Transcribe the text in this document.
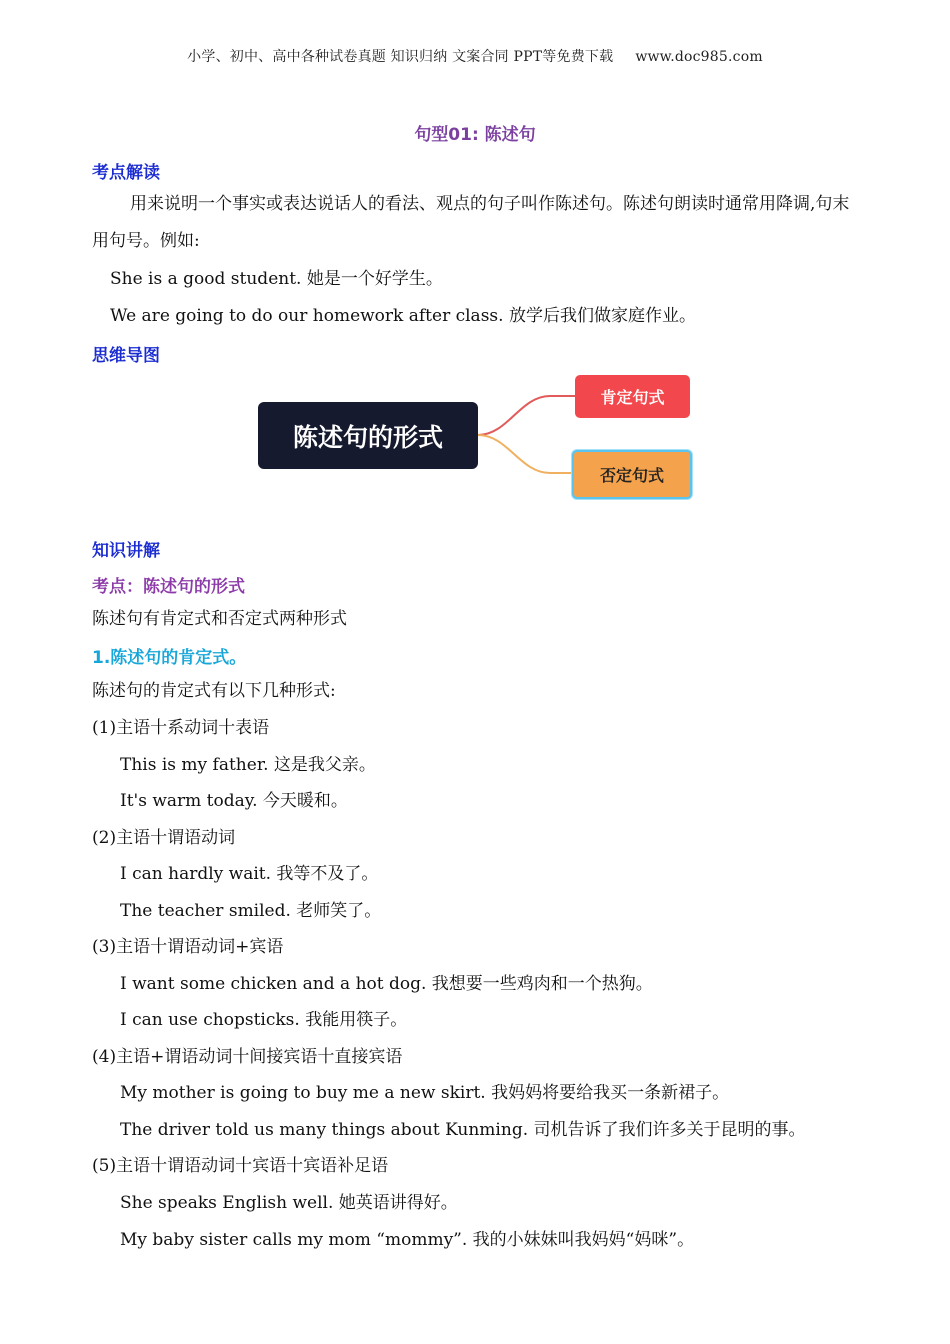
小学、初中、高中各种试卷真题 知识归纳 文案合同 PPT等免费下载 www.doc985.com
句型01: 陈述句
考点解读
用来说明一个事实或表达说话人的看法、观点的句子叫作陈述句。陈述句朗读时通常用降调,句末用句号。例如:
She is a good student. 她是一个好学生。
We are going to do our homework after class. 放学后我们做家庭作业。
思维导图
陈述句的形式
肯定句式
否定句式
知识讲解
考点：陈述句的形式
陈述句有肯定式和否定式两种形式
1.陈述句的肯定式。
陈述句的肯定式有以下几种形式:
(1)主语十系动词十表语
This is my father. 这是我父亲。
It's warm today. 今天暖和。
(2)主语十谓语动词
I can hardly wait. 我等不及了。
The teacher smiled. 老师笑了。
(3)主语十谓语动词+宾语
I want some chicken and a hot dog. 我想要一些鸡肉和一个热狗。
I can use chopsticks. 我能用筷子。
(4)主语+谓语动词十间接宾语十直接宾语
My mother is going to buy me a new skirt. 我妈妈将要给我买一条新裙子。
The driver told us many things about Kunming. 司机告诉了我们许多关于昆明的事。
(5)主语十谓语动词十宾语十宾语补足语
She speaks English well. 她英语讲得好。
My baby sister calls my mom “mommy”. 我的小妹妹叫我妈妈“妈咪”。
